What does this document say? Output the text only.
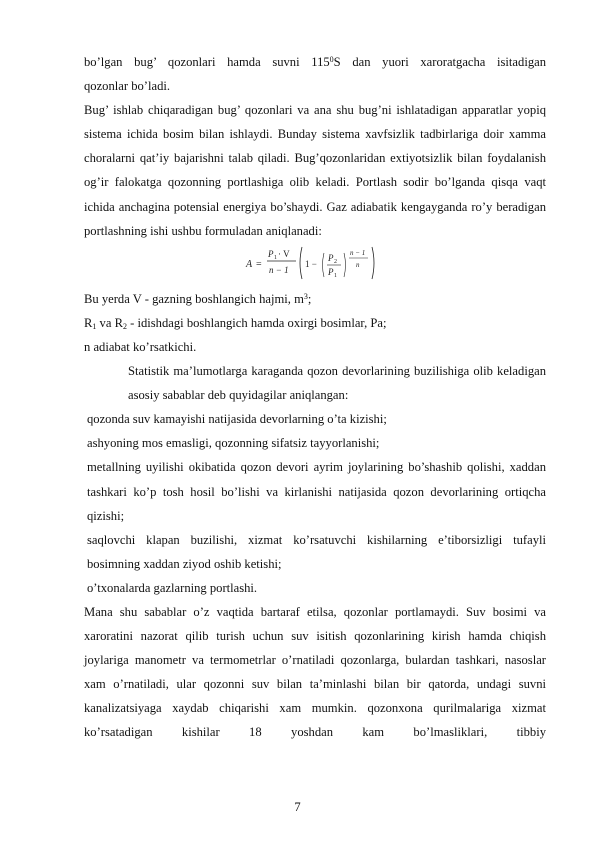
bo’lgan bug’ qozonlari hamda suvni $115^0S$ dan yuori xaroratgacha isitadigan

qozonlar bo’ladi.

Bug’ ishlab chiqaradigan bug’ qozonlari va ana shu bug’ni ishlatadigan apparatlar yopiq sistema ichida bosim bilan ishlaydi. Bunday sistema xavfsizlik tadbirlariga doir xamma choralarni qat’iy bajarishni talab qiladi. Bug’qozonlaridan extiyotsizlik bilan foydalanish og’ir falokatga qozonning portlashiga olib keladi. Portlash sodir bo’lganda qisqa vaqt ichida anchagina potensial energiya bo’shaydi. Gaz adiabatik kengayganda ro’y beradigan portlashning ishi ushbu formuladan aniqlanadi:

A =
P 1 · V
n − 1
1 −
P 2
P 1
n − 1
n

Bu yerda V - gazning boshlangich hajmi, $m^3$;

$R_1$ va $R_2$ - idishdagi boshlangich hamda oxirgi bosimlar, Pa;

n adiabat ko’rsatkichi.

Statistik ma’lumotlarga karaganda qozon devorlarining buzilishiga olib keladigan asosiy sabablar deb quyidagilar aniqlangan:

qozonda suv kamayishi natijasida devorlarning o’ta kizishi;

ashyoning mos emasligi, qozonning sifatsiz tayyorlanishi;

metallning uyilishi okibatida qozon devori ayrim joylarining bo’shashib qolishi, xaddan tashkari ko’p tosh hosil bo’lishi va kirlanishi natijasida qozon devorlarining ortiqcha qizishi;

saqlovchi klapan buzilishi, xizmat ko’rsatuvchi kishilarning e’tiborsizligi tufayli bosimning xaddan ziyod oshib ketishi;

o’txonalarda gazlarning portlashi.

Mana shu sabablar o’z vaqtida bartaraf etilsa, qozonlar portlamaydi. Suv bosimi va xaroratini nazorat qilib turish uchun suv isitish qozonlarining kirish hamda chiqish joylariga manometr va termometrlar o’rnatiladi qozonlarga, bulardan tashkari, nasoslar xam o’rnatiladi, ular qozonni suv bilan ta’minlashi bilan bir qatorda, undagi suvni kanalizatsiyaga xaydab chiqarishi xam mumkin. qozonxona qurilmalariga xizmat ko’rsatadigan kishilar 18 yoshdan kam bo’lmasliklari, tibbiy

7
